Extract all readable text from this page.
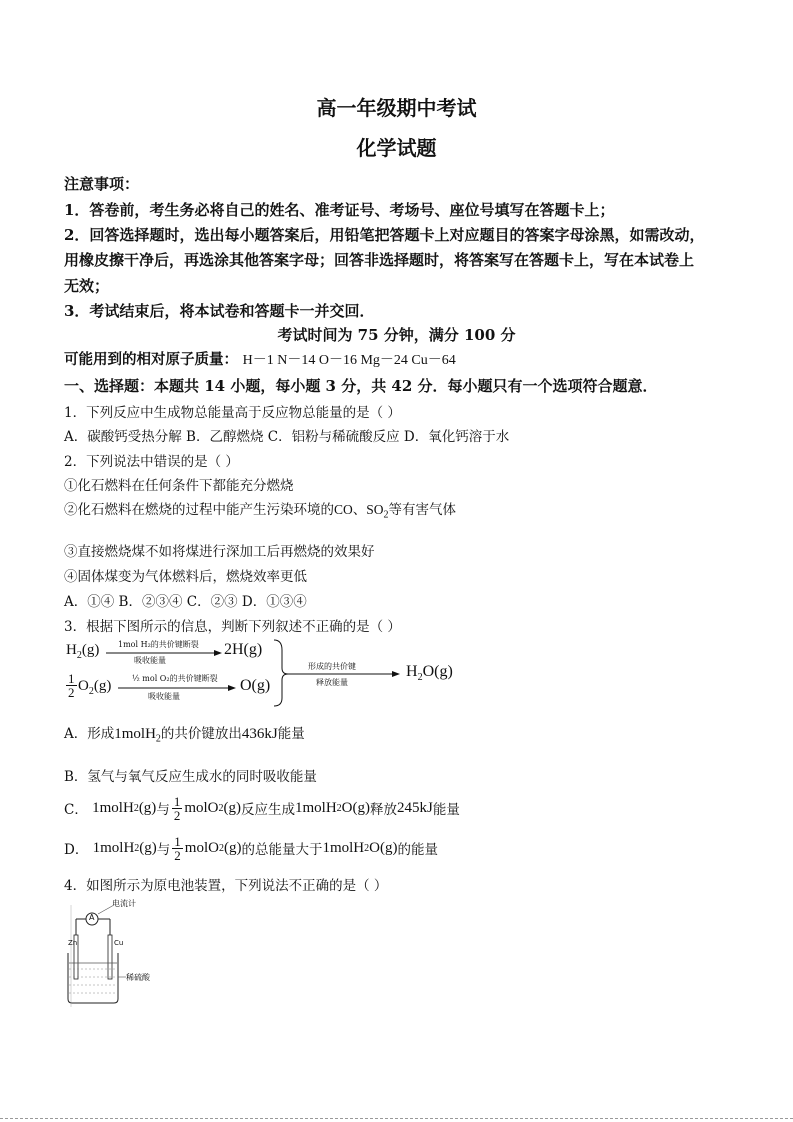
高一年级期中考试
化学试题
注意事项：
1．答卷前，考生务必将自己的姓名、准考证号、考场号、座位号填写在答题卡上；
2．回答选择题时，选出每小题答案后，用铅笔把答题卡上对应题目的答案字母涂黑，如需改动，
用橡皮擦干净后，再选涂其他答案字母；回答非选择题时，将答案写在答题卡上，写在本试卷上
无效；
3．考试结束后，将本试卷和答题卡一并交回．
考试时间为 75 分钟，满分 100 分
可能用到的相对原子质量： H－1 N－14 O－16 Mg－24 Cu－64
一、选择题：本题共 14 小题，每小题 3 分，共 42 分．每小题只有一个选项符合题意．
1．下列反应中生成物总能量高于反应物总能量的是（ ）
A．碳酸钙受热分解 B．乙醇燃烧 C．铝粉与稀硫酸反应 D．氧化钙溶于水
2．下列说法中错误的是（ ）
①化石燃料在任何条件下都能充分燃烧
②化石燃料在燃烧的过程中能产生污染环境的CO、$SO_2$等有害气体
③直接燃烧煤不如将煤进行深加工后再燃烧的效果好
④固体煤变为气体燃料后，燃烧效率更低
A．①④ B．②③④ C．②③ D．①③④
3．根据下图所示的信息，判断下列叙述不正确的是（ ）
$H_2(g)$ 1mol H₂的共价键断裂
吸收能量
2H(g)
$\frac{1}{2} O_2(g)$	½ mol O₂的共价键断裂
吸收能量
O(g)
形成的共价键
释放能量
$H_2O(g)$
A．形成1molH$_2$的共价键放出436kJ能量
B．氢气与氧气反应生成水的同时吸收能量
C．
1molH 2 (g) 与 $\frac{1}{2}$ molO 2 (g) 反应生成 1molH 2 O(g) 释放 245kJ 能量
D．
1molH 2 (g) 与 $\frac{1}{2}$ molO 2 (g) 的总能量大于 1molH 2 O(g) 的能量
4．如图所示为原电池装置，下列说法不正确的是（ ）
A
电流计
Zn	Cu
稀硫酸
